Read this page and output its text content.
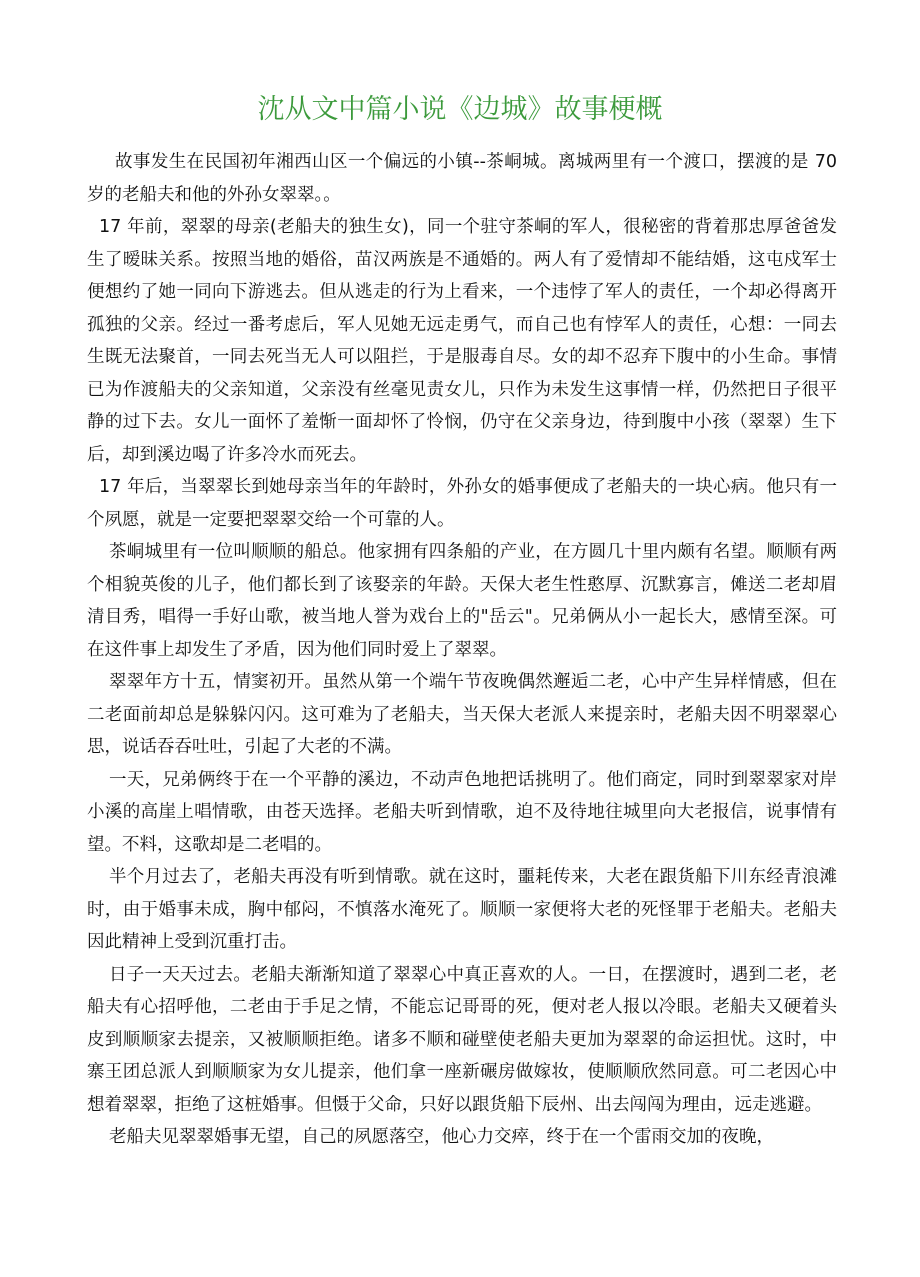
沈从文中篇小说《边城》故事梗概

故事发生在民国初年湘西山区一个偏远的小镇--茶峒城。离城两里有一个渡口，摆渡的是 70 岁的老船夫和他的外孙女翠翠。。

17 年前，翠翠的母亲(老船夫的独生女)，同一个驻守茶峒的军人，很秘密的背着那忠厚爸爸发生了暧昧关系。按照当地的婚俗，苗汉两族是不通婚的。两人有了爱情却不能结婚，这屯戍军士便想约了她一同向下游逃去。但从逃走的行为上看来，一个违悖了军人的责任，一个却必得离开孤独的父亲。经过一番考虑后，军人见她无远走勇气，而自己也有悖军人的责任，心想：一同去生既无法聚首，一同去死当无人可以阻拦，于是服毒自尽。女的却不忍弃下腹中的小生命。事情已为作渡船夫的父亲知道，父亲没有丝毫见责女儿，只作为未发生这事情一样，仍然把日子很平静的过下去。女儿一面怀了羞惭一面却怀了怜悯，仍守在父亲身边，待到腹中小孩（翠翠）生下后，却到溪边喝了许多冷水而死去。

17 年后，当翠翠长到她母亲当年的年龄时，外孙女的婚事便成了老船夫的一块心病。他只有一个夙愿，就是一定要把翠翠交给一个可靠的人。

茶峒城里有一位叫顺顺的船总。他家拥有四条船的产业，在方圆几十里内颇有名望。顺顺有两个相貌英俊的儿子，他们都长到了该娶亲的年龄。天保大老生性憨厚、沉默寡言，傩送二老却眉清目秀，唱得一手好山歌，被当地人誉为戏台上的"岳云"。兄弟俩从小一起长大，感情至深。可在这件事上却发生了矛盾，因为他们同时爱上了翠翠。

翠翠年方十五，情窦初开。虽然从第一个端午节夜晚偶然邂逅二老，心中产生异样情感，但在二老面前却总是躲躲闪闪。这可难为了老船夫，当天保大老派人来提亲时，老船夫因不明翠翠心思，说话吞吞吐吐，引起了大老的不满。

一天，兄弟俩终于在一个平静的溪边，不动声色地把话挑明了。他们商定，同时到翠翠家对岸小溪的高崖上唱情歌，由苍天选择。老船夫听到情歌，迫不及待地往城里向大老报信，说事情有望。不料，这歌却是二老唱的。

半个月过去了，老船夫再没有听到情歌。就在这时，噩耗传来，大老在跟货船下川东经青浪滩时，由于婚事未成，胸中郁闷，不慎落水淹死了。顺顺一家便将大老的死怪罪于老船夫。老船夫因此精神上受到沉重打击。

日子一天天过去。老船夫渐渐知道了翠翠心中真正喜欢的人。一日，在摆渡时，遇到二老，老船夫有心招呼他，二老由于手足之情，不能忘记哥哥的死，便对老人报以冷眼。老船夫又硬着头皮到顺顺家去提亲，又被顺顺拒绝。诸多不顺和碰壁使老船夫更加为翠翠的命运担忧。这时，中寨王团总派人到顺顺家为女儿提亲，他们拿一座新碾房做嫁妆，使顺顺欣然同意。可二老因心中想着翠翠，拒绝了这桩婚事。但慑于父命，只好以跟货船下辰州、出去闯闯为理由，远走逃避。

老船夫见翠翠婚事无望，自己的夙愿落空，他心力交瘁，终于在一个雷雨交加的夜晚，
